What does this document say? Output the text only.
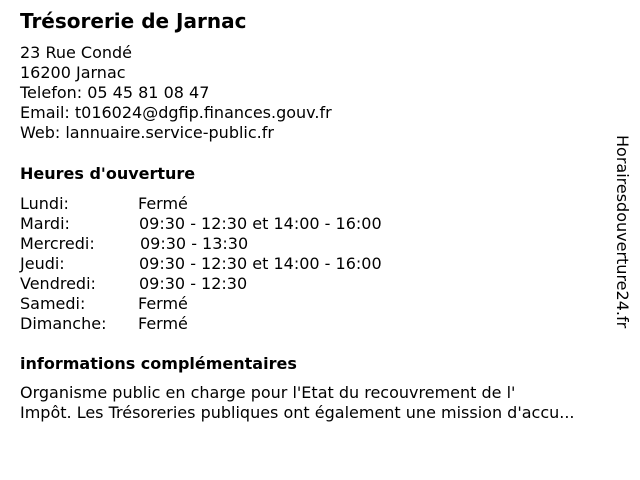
Trésorerie de Jarnac
23 Rue Condé
16200 Jarnac
Telefon: 05 45 81 08 47
Email: t016024@dgfip.finances.gouv.fr
Web: lannuaire.service-public.fr
Heures d'ouverture
Lundi:	Fermé
Mardi:	09:30 - 12:30 et 14:00 - 16:00
Mercredi:	09:30 - 13:30
Jeudi:	09:30 - 12:30 et 14:00 - 16:00
Vendredi:	09:30 - 12:30
Samedi:	Fermé
Dimanche: Fermé
informations complémentaires
Organisme public en charge pour l'Etat du recouvrement de l'
Impôt. Les Trésoreries publiques ont également une mission d'accu...
Horairesdouverture24.fr
